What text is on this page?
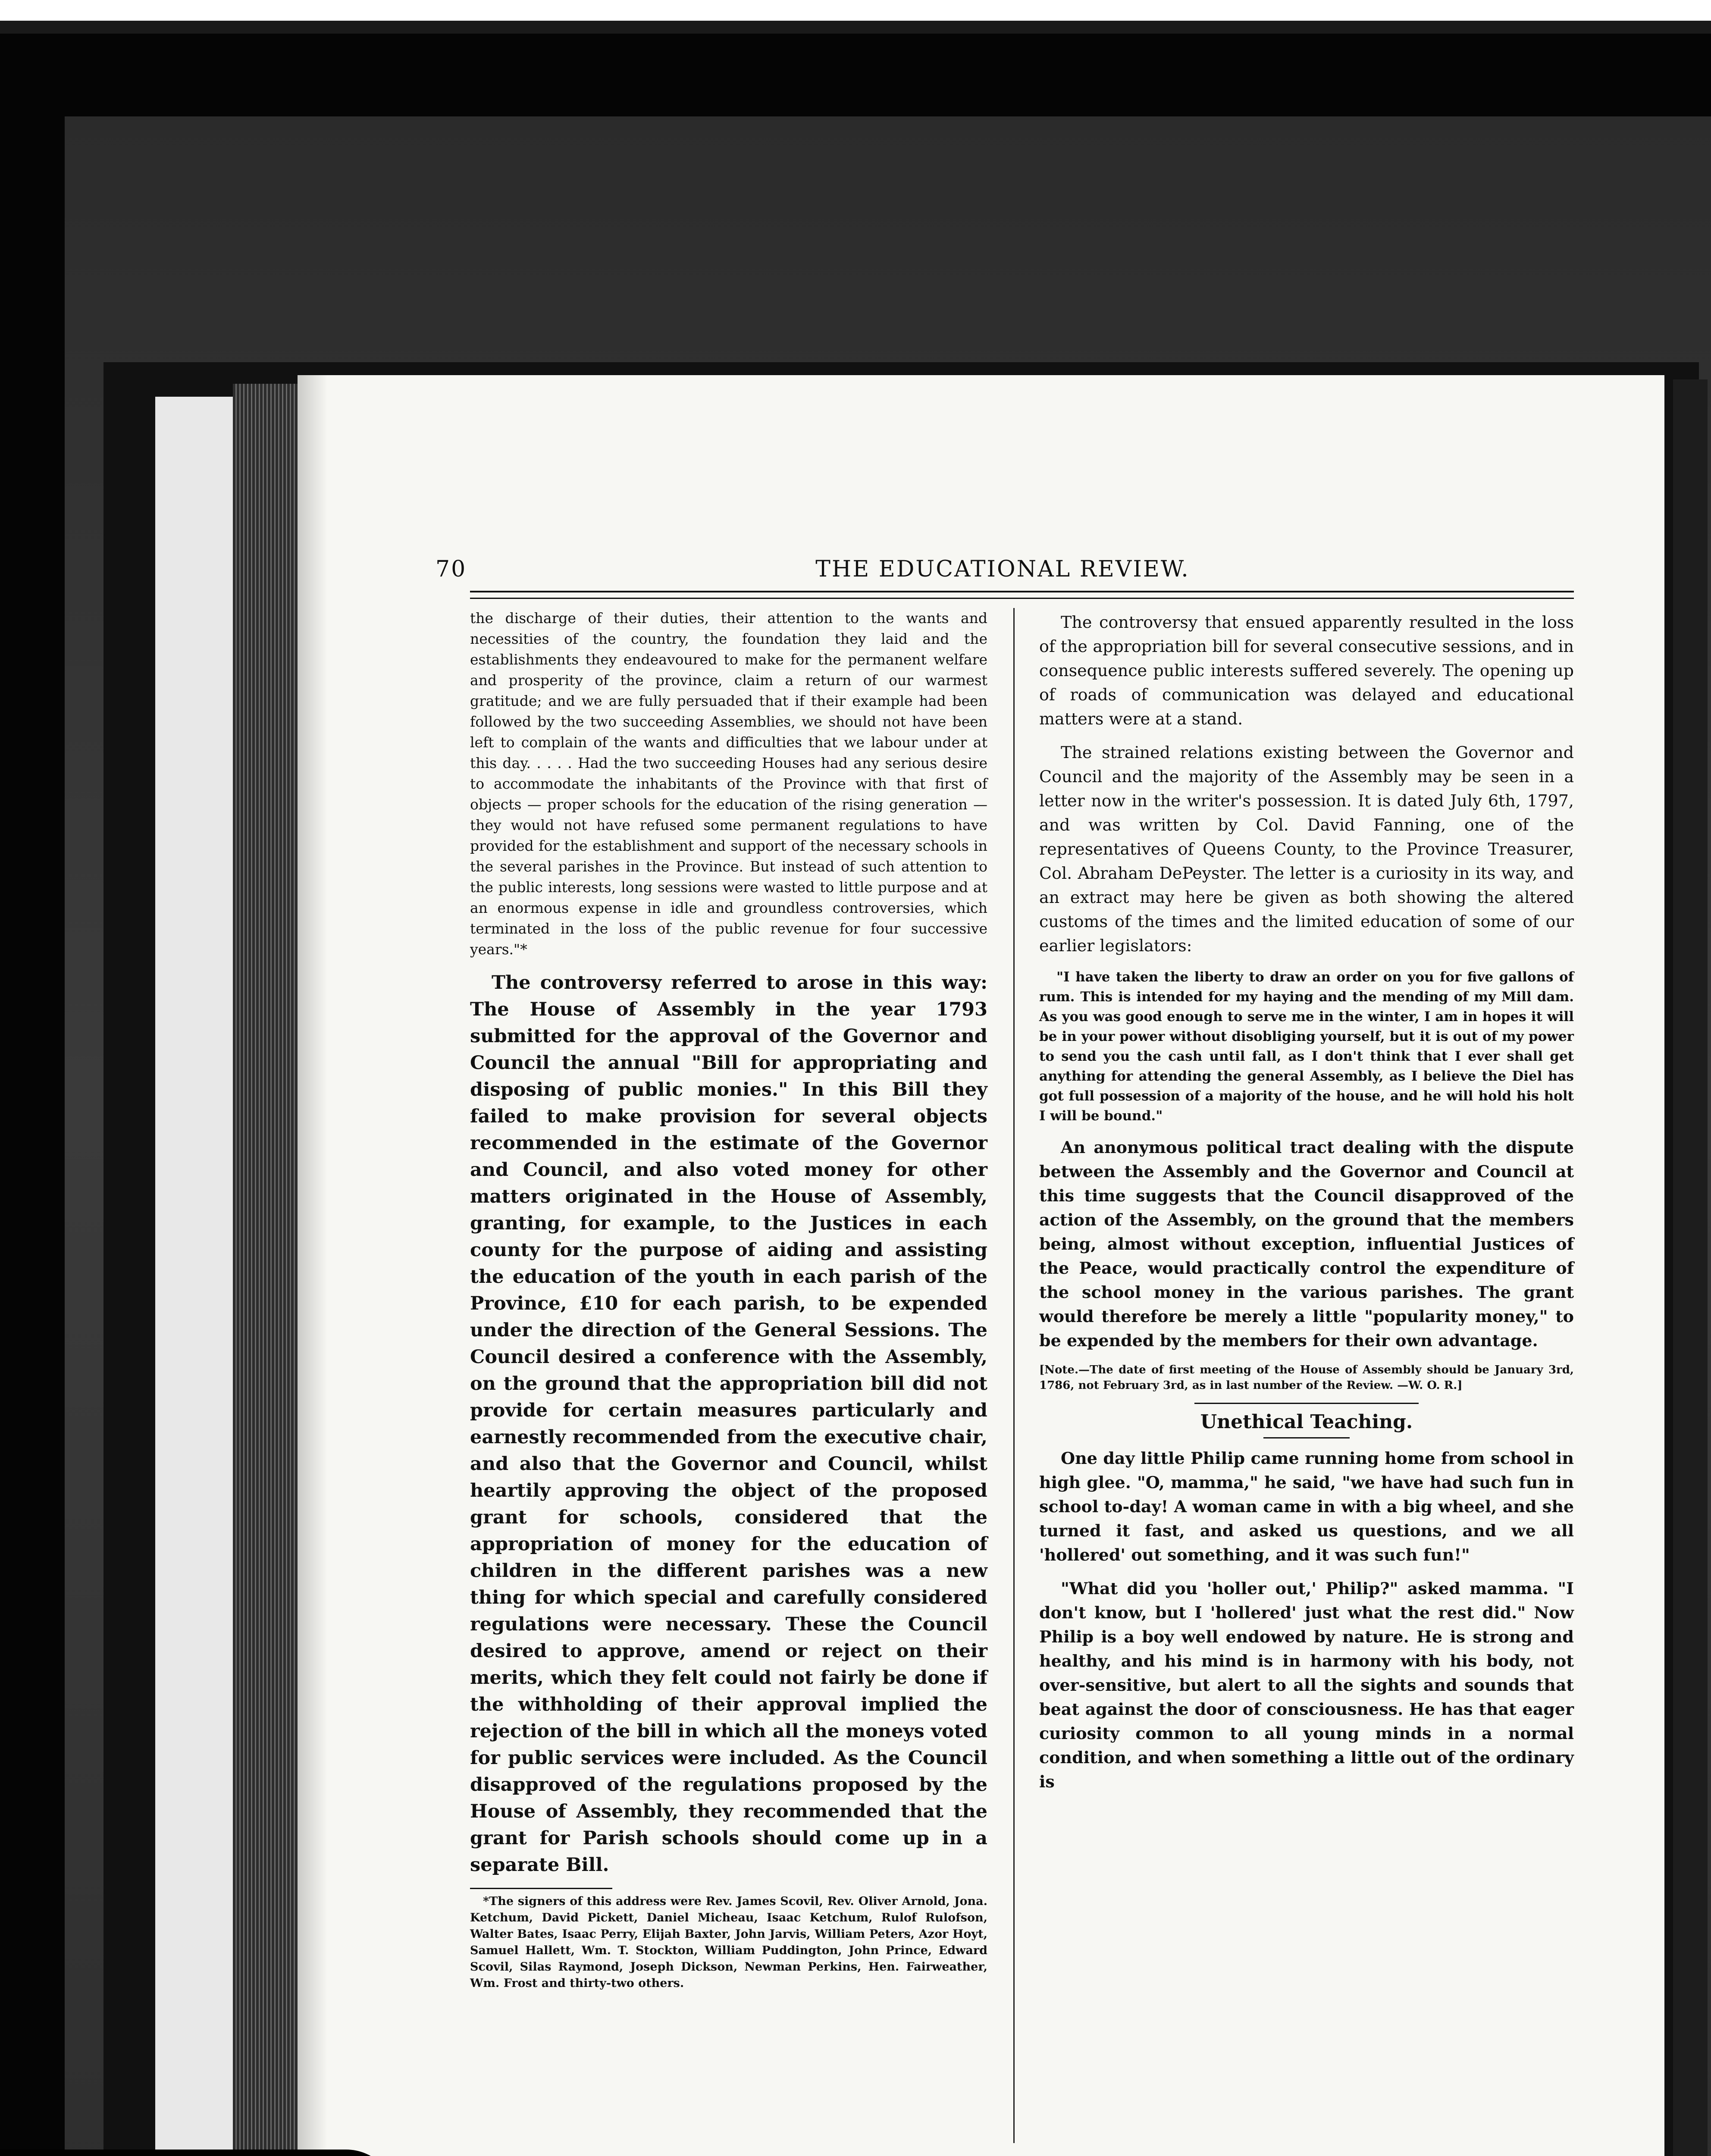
THE EDUCATIONAL REVIEW.
70

the discharge of their duties, their attention to the wants and necessities of the country, the foundation they laid and the establishments they endeavoured to make for the permanent welfare and prosperity of the province, claim a return of our warmest gratitude; and we are fully persuaded that if their example had been followed by the two succeeding Assemblies, we should not have been left to complain of the wants and difficulties that we labour under at this day. . . . . Had the two succeeding Houses had any serious desire to accommodate the inhabitants of the Province with that first of objects — proper schools for the education of the rising generation — they would not have refused some permanent regulations to have provided for the establishment and support of the necessary schools in the several parishes in the Province. But instead of such attention to the public interests, long sessions were wasted to little purpose and at an enormous expense in idle and groundless controversies, which terminated in the loss of the public revenue for four successive years."*

The controversy referred to arose in this way: The House of Assembly in the year 1793 submitted for the approval of the Governor and Council the annual "Bill for appropriating and disposing of public monies." In this Bill they failed to make provision for several objects recommended in the estimate of the Governor and Council, and also voted money for other matters originated in the House of Assembly, granting, for example, to the Justices in each county for the purpose of aiding and assisting the education of the youth in each parish of the Province, £10 for each parish, to be expended under the direction of the General Sessions. The Council desired a conference with the Assembly, on the ground that the appropriation bill did not provide for certain measures particularly and earnestly recommended from the executive chair, and also that the Governor and Council, whilst heartily approving the object of the proposed grant for schools, considered that the appropriation of money for the education of children in the different parishes was a new thing for which special and carefully considered regulations were necessary. These the Council desired to approve, amend or reject on their merits, which they felt could not fairly be done if the withholding of their approval implied the rejection of the bill in which all the moneys voted for public services were included. As the Council disapproved of the regulations proposed by the House of Assembly, they recommended that the grant for Parish schools should come up in a separate Bill.

*The signers of this address were Rev. James Scovil, Rev. Oliver Arnold, Jona. Ketchum, David Pickett, Daniel Micheau, Isaac Ketchum, Rulof Rulofson, Walter Bates, Isaac Perry, Elijah Baxter, John Jarvis, William Peters, Azor Hoyt, Samuel Hallett, Wm. T. Stockton, William Puddington, John Prince, Edward Scovil, Silas Raymond, Joseph Dickson, Newman Perkins, Hen. Fairweather, Wm. Frost and thirty-two others.

The controversy that ensued apparently resulted in the loss of the appropriation bill for several consecutive sessions, and in consequence public interests suffered severely. The opening up of roads of communication was delayed and educational matters were at a stand.

The strained relations existing between the Governor and Council and the majority of the Assembly may be seen in a letter now in the writer's possession. It is dated July 6th, 1797, and was written by Col. David Fanning, one of the representatives of Queens County, to the Province Treasurer, Col. Abraham DePeyster. The letter is a curiosity in its way, and an extract may here be given as both showing the altered customs of the times and the limited education of some of our earlier legislators:

"I have taken the liberty to draw an order on you for five gallons of rum. This is intended for my haying and the mending of my Mill dam. As you was good enough to serve me in the winter, I am in hopes it will be in your power without disobliging yourself, but it is out of my power to send you the cash until fall, as I don't think that I ever shall get anything for attending the general Assembly, as I believe the Diel has got full possession of a majority of the house, and he will hold his holt I will be bound."

An anonymous political tract dealing with the dispute between the Assembly and the Governor and Council at this time suggests that the Council disapproved of the action of the Assembly, on the ground that the members being, almost without exception, influential Justices of the Peace, would practically control the expenditure of the school money in the various parishes. The grant would therefore be merely a little "popularity money," to be expended by the members for their own advantage.

[Note.—The date of first meeting of the House of Assembly should be January 3rd, 1786, not February 3rd, as in last number of the Review. —W. O. R.]

Unethical Teaching.

One day little Philip came running home from school in high glee. "O, mamma," he said, "we have had such fun in school to-day! A woman came in with a big wheel, and she turned it fast, and asked us questions, and we all 'hollered' out something, and it was such fun!"

"What did you 'holler out,' Philip?" asked mamma. "I don't know, but I 'hollered' just what the rest did." Now Philip is a boy well endowed by nature. He is strong and healthy, and his mind is in harmony with his body, not over-sensitive, but alert to all the sights and sounds that beat against the door of consciousness. He has that eager curiosity common to all young minds in a normal condition, and when something a little out of the ordinary is
